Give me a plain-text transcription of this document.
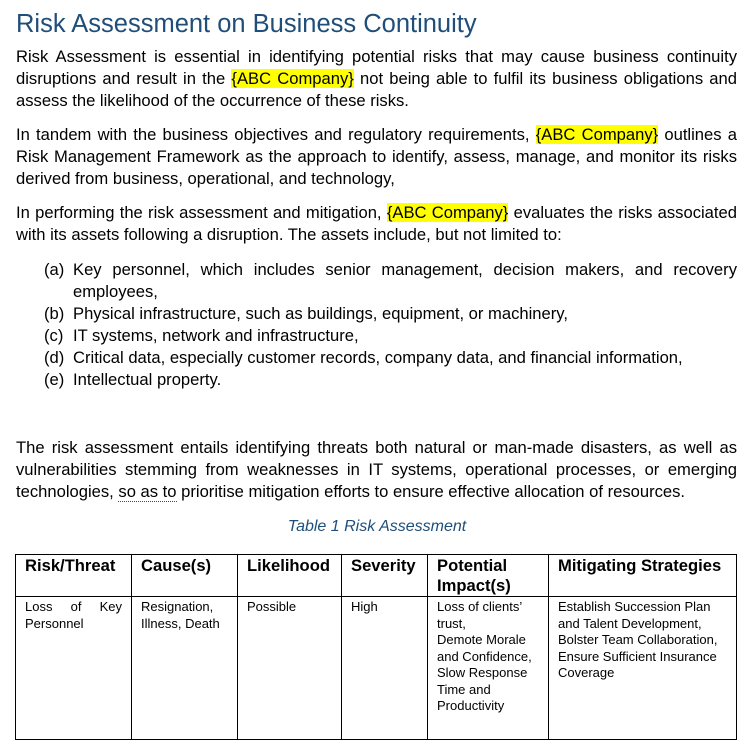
Risk Assessment on Business Continuity

Risk Assessment is essential in identifying potential risks that may cause business continuity disruptions and result in the {ABC Company} not being able to fulfil its business obligations and assess the likelihood of the occurrence of these risks.

In tandem with the business objectives and regulatory requirements, {ABC Company} outlines a Risk Management Framework as the approach to identify, assess, manage, and monitor its risks derived from business, operational, and technology,

In performing the risk assessment and mitigation, {ABC Company} evaluates the risks associated with its assets following a disruption. The assets include, but not limited to:

(a) Key personnel, which includes senior management, decision makers, and recovery employees,
(b) Physical infrastructure, such as buildings, equipment, or machinery,
(c) IT systems, network and infrastructure,
(d) Critical data, especially customer records, company data, and financial information,
(e) Intellectual property.

The risk assessment entails identifying threats both natural or man-made disasters, as well as vulnerabilities stemming from weaknesses in IT systems, operational processes, or emerging technologies, so as to prioritise mitigation efforts to ensure effective allocation of resources.

Table 1 Risk Assessment
Risk/Threat	Cause(s)	Likelihood	Severity	Potential Impact(s)	Mitigating Strategies

Loss of Key Personnel	Resignation, Illness, Death	Possible	High	Loss of clients’ trust,
Demote Morale and Confidence,
Slow Response Time and Productivity	Establish Succession Plan and Talent Development,
Bolster Team Collaboration,
Ensure Sufficient Insurance Coverage
